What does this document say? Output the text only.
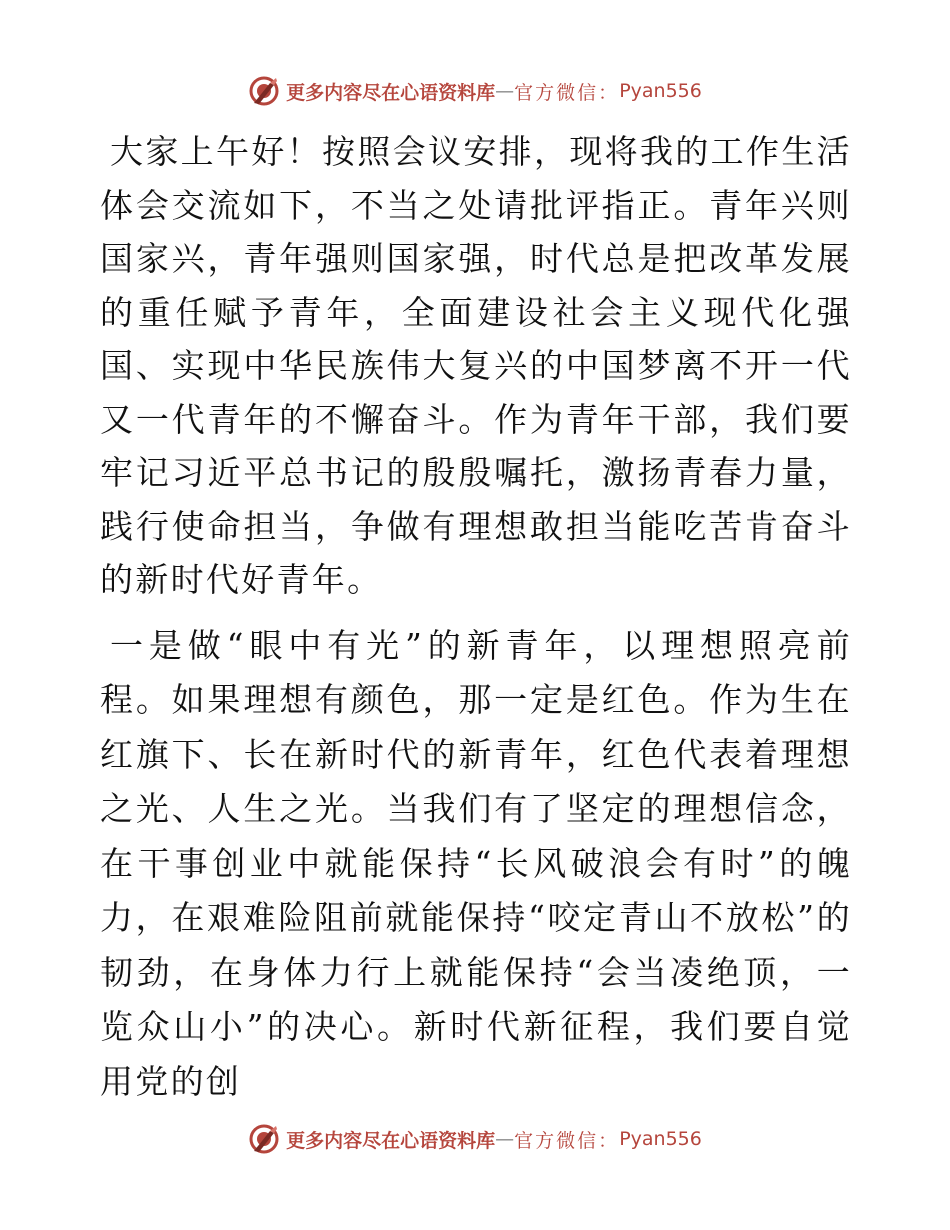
更多内容尽在心语资料库 — 官方微信： Pyan556

大家上午好！按照会议安排，现将我的工作生活体会交流如下，不当之处请批评指正。青年兴则国家兴，青年强则国家强，时代总是把改革发展的重任赋予青年，全面建设社会主义现代化强国、实现中华民族伟大复兴的中国梦离不开一代又一代青年的不懈奋斗。作为青年干部，我们要牢记习近平总书记的殷殷嘱托，激扬青春力量，践行使命担当，争做有理想敢担当能吃苦肯奋斗的新时代好青年。

一是做“眼中有光”的新青年，以理想照亮前程。如果理想有颜色，那一定是红色。作为生在红旗下、长在新时代的新青年，红色代表着理想之光、人生之光。当我们有了坚定的理想信念，在干事创业中就能保持“长风破浪会有时”的魄力，在艰难险阻前就能保持“咬定青山不放松”的韧劲，在身体力行上就能保持“会当凌绝顶，一览众山小”的决心。新时代新征程，我们要自觉用党的创

更多内容尽在心语资料库 — 官方微信： Pyan556
